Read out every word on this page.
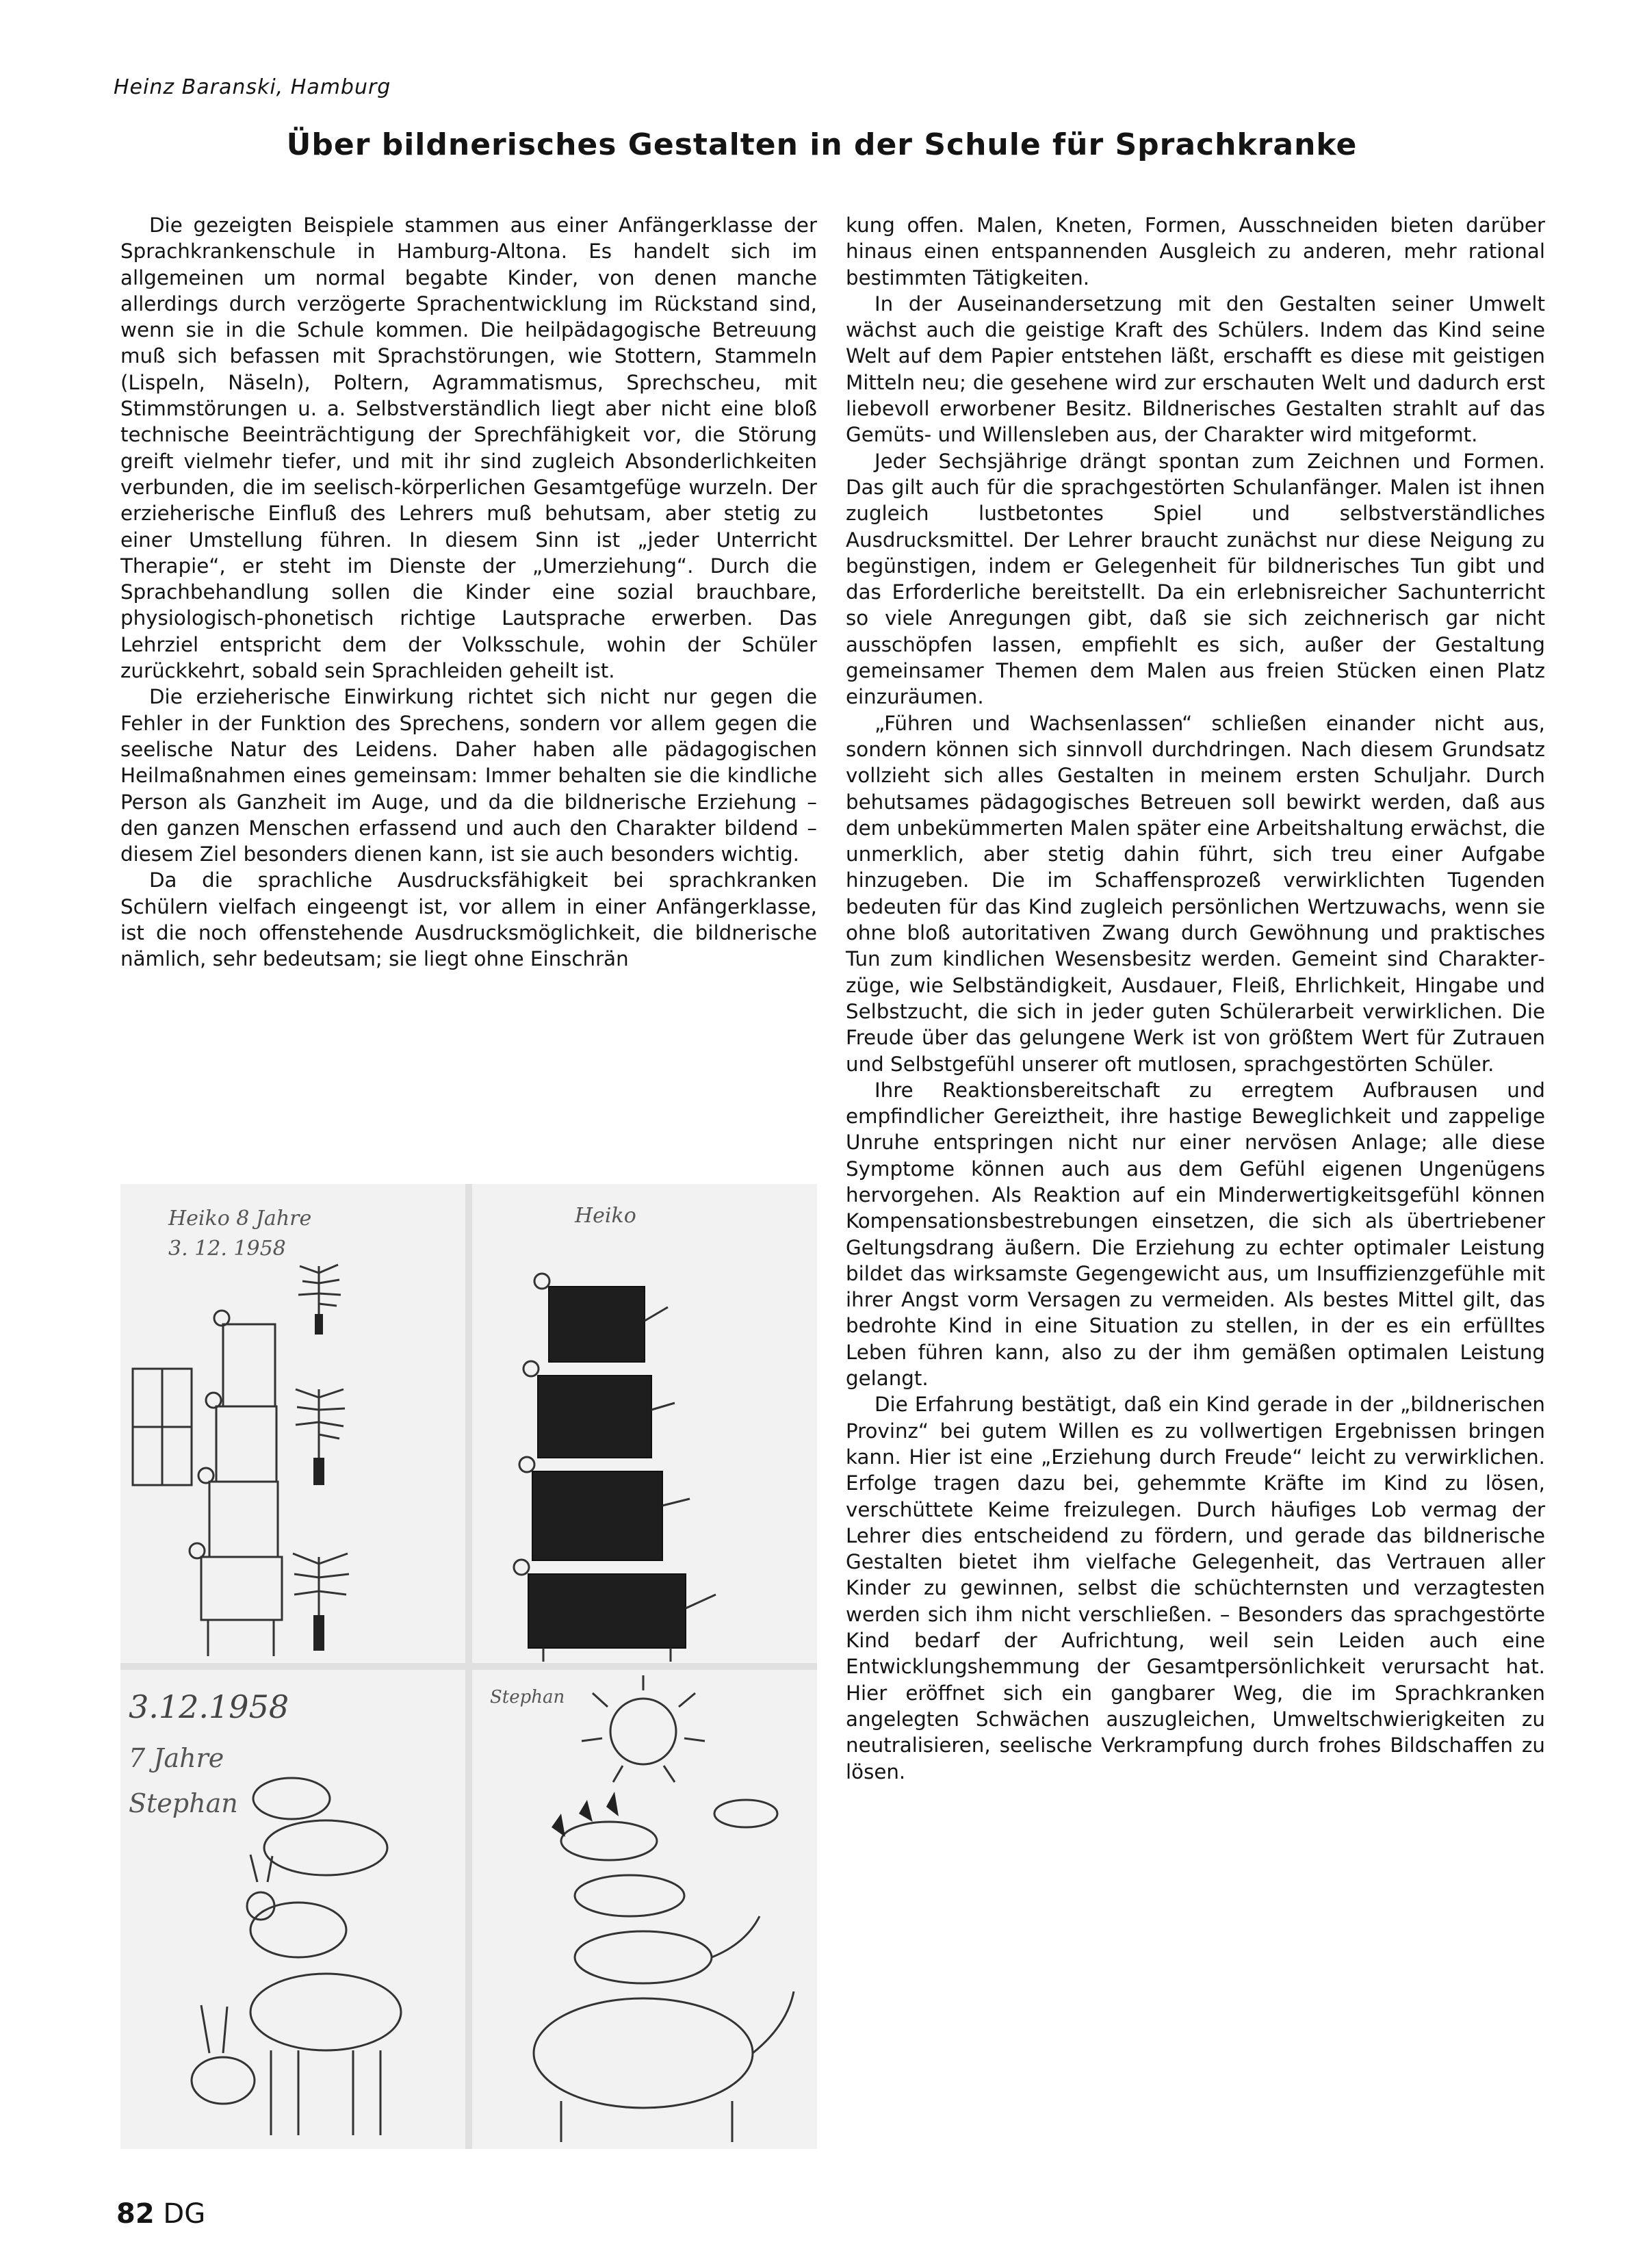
Heinz Baranski, Hamburg
Über bildnerisches Gestalten in der Schule für Sprachkranke

Die gezeigten Beispiele stammen aus einer Anfängerklasse der Sprachkrankenschule in Hamburg-Altona. Es handelt sich im allgemeinen um normal begabte Kinder, von denen manche allerdings durch verzögerte Sprachentwicklung im Rückstand sind, wenn sie in die Schule kommen. Die heilpädagogische Betreuung muß sich befassen mit Sprachstörungen, wie Stottern, Stammeln (Lispeln, Näseln), Poltern, Agrammatismus, Sprechscheu, mit Stimmstörungen u. a. Selbstverständlich liegt aber nicht eine bloß technische Beeinträchtigung der Sprechfähigkeit vor, die Störung greift vielmehr tiefer, und mit ihr sind zugleich Absonderlichkeiten verbunden, die im seelisch-körperlichen Gesamtgefüge wurzeln. Der erzieherische Einfluß des Lehrers muß behutsam, aber stetig zu einer Umstellung führen. In diesem Sinn ist „jeder Unterricht Therapie“, er steht im Dienste der „Umerziehung“. Durch die Sprachbehandlung sollen die Kinder eine sozial brauchbare, physiologisch-phonetisch richtige Lautsprache erwerben. Das Lehrziel entspricht dem der Volksschule, wohin der Schüler zurückkehrt, sobald sein Sprachleiden geheilt ist.

Die erzieherische Einwirkung richtet sich nicht nur gegen die Fehler in der Funktion des Sprechens, sondern vor allem gegen die seelische Natur des Leidens. Daher haben alle pädagogischen Heilmaßnahmen eines gemeinsam: Immer behalten sie die kindliche Person als Ganzheit im Auge, und da die bildnerische Erziehung – den ganzen Menschen erfassend und auch den Charakter bildend – diesem Ziel besonders dienen kann, ist sie auch besonders wichtig.

Da die sprachliche Ausdrucksfähigkeit bei sprachkranken Schülern vielfach eingeengt ist, vor allem in einer Anfängerklasse, ist die noch offenstehende Ausdrucksmöglichkeit, die bildnerische nämlich, sehr bedeutsam; sie liegt ohne Einschrän

kung offen. Malen, Kneten, Formen, Ausschneiden bieten darüber hinaus einen entspannenden Ausgleich zu anderen, mehr rational bestimmten Tätigkeiten.

In der Auseinandersetzung mit den Gestalten seiner Umwelt wächst auch die geistige Kraft des Schülers. Indem das Kind seine Welt auf dem Papier entstehen läßt, erschafft es diese mit geistigen Mitteln neu; die gesehene wird zur erschauten Welt und dadurch erst liebevoll erworbener Besitz. Bildnerisches Gestalten strahlt auf das Gemüts- und Willensleben aus, der Charakter wird mitgeformt.

Jeder Sechsjährige drängt spontan zum Zeichnen und Formen. Das gilt auch für die sprachgestörten Schulanfänger. Malen ist ihnen zugleich lustbetontes Spiel und selbstverständliches Ausdrucksmittel. Der Lehrer braucht zunächst nur diese Neigung zu begünstigen, indem er Gelegenheit für bildnerisches Tun gibt und das Erforderliche bereitstellt. Da ein erlebnisreicher Sachunterricht so viele Anregungen gibt, daß sie sich zeichnerisch gar nicht ausschöpfen lassen, empfiehlt es sich, außer der Gestaltung gemeinsamer Themen dem Malen aus freien Stücken einen Platz einzuräumen.

„Führen und Wachsenlassen“ schließen einander nicht aus, sondern können sich sinnvoll durchdringen. Nach diesem Grundsatz vollzieht sich alles Gestalten in meinem ersten Schuljahr. Durch behutsames pädagogisches Betreuen soll bewirkt werden, daß aus dem unbekümmerten Malen später eine Arbeitshaltung erwächst, die unmerklich, aber stetig dahin führt, sich treu einer Aufgabe hinzugeben. Die im Schaffensprozeß verwirklichten Tugenden bedeuten für das Kind zugleich persönlichen Wertzuwachs, wenn sie ohne bloß autoritativen Zwang durch Gewöhnung und praktisches Tun zum kindlichen Wesensbesitz werden. Gemeint sind Charakterzüge, wie Selbständigkeit, Ausdauer, Fleiß, Ehrlichkeit, Hingabe und Selbstzucht, die sich in jeder guten Schülerarbeit verwirklichen. Die Freude über das gelungene Werk ist von größtem Wert für Zutrauen und Selbstgefühl unserer oft mutlosen, sprachgestörten Schüler.

Ihre Reaktionsbereitschaft zu erregtem Aufbrausen und empfindlicher Gereiztheit, ihre hastige Beweglichkeit und zappelige Unruhe entspringen nicht nur einer nervösen Anlage; alle diese Symptome können auch aus dem Gefühl eigenen Ungenügens hervorgehen. Als Reaktion auf ein Minderwertigkeitsgefühl können Kompensationsbestrebungen einsetzen, die sich als übertriebener Geltungsdrang äußern. Die Erziehung zu echter optimaler Leistung bildet das wirksamste Gegengewicht aus, um Insuffizienzgefühle mit ihrer Angst vorm Versagen zu vermeiden. Als bestes Mittel gilt, das bedrohte Kind in eine Situation zu stellen, in der es ein erfülltes Leben führen kann, also zu der ihm gemäßen optimalen Leistung gelangt.

Die Erfahrung bestätigt, daß ein Kind gerade in der „bildnerischen Provinz“ bei gutem Willen es zu vollwertigen Ergebnissen bringen kann. Hier ist eine „Erziehung durch Freude“ leicht zu verwirklichen. Erfolge tragen dazu bei, gehemmte Kräfte im Kind zu lösen, verschüttete Keime freizulegen. Durch häufiges Lob vermag der Lehrer dies entscheidend zu fördern, und gerade das bildnerische Gestalten bietet ihm vielfache Gelegenheit, das Vertrauen aller Kinder zu gewinnen, selbst die schüchternsten und verzagtesten werden sich ihm nicht verschließen. – Besonders das sprachgestörte Kind bedarf der Aufrichtung, weil sein Leiden auch eine Entwicklungshemmung der Gesamtpersönlichkeit verursacht hat. Hier eröffnet sich ein gangbarer Weg, die im Sprachkranken angelegten Schwächen auszugleichen, Umweltschwierigkeiten zu neutralisieren, seelische Verkrampfung durch frohes Bildschaffen zu lösen.

Heiko 8 Jahre
3. 12. 1958
Heiko
3.12.1958
7 Jahre
Stephan
Stephan
82 DG
